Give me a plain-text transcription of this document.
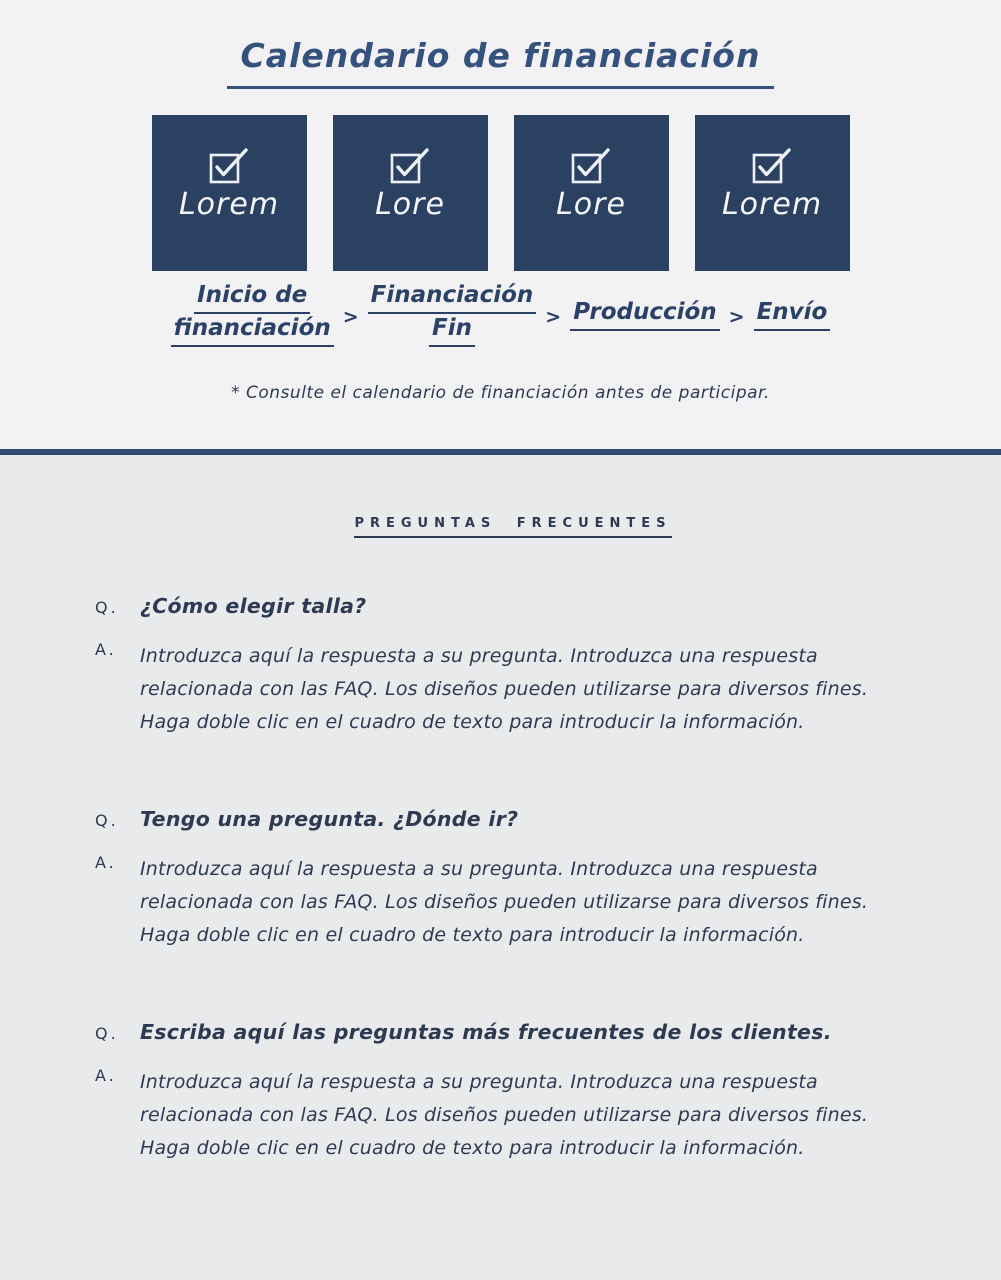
Calendario de financiación
Lorem	Lore	Lore	Lorem
Inicio de
financiación >
Financiación
Fin	> Producción > Envío

* Consulte el calendario de financiación antes de participar.

PREGUNTAS FRECUENTES
Q.	¿Cómo elegir talla?
A.	Introduzca aquí la respuesta a su pregunta. Introduzca una respuesta relacionada con las FAQ. Los diseños pueden utilizarse para diversos fines. Haga doble clic en el cuadro de texto para introducir la información.
Q.	Tengo una pregunta. ¿Dónde ir?
A.	Introduzca aquí la respuesta a su pregunta. Introduzca una respuesta relacionada con las FAQ. Los diseños pueden utilizarse para diversos fines. Haga doble clic en el cuadro de texto para introducir la información.
Q.	Escriba aquí las preguntas más frecuentes de los clientes.
A.	Introduzca aquí la respuesta a su pregunta. Introduzca una respuesta relacionada con las FAQ. Los diseños pueden utilizarse para diversos fines. Haga doble clic en el cuadro de texto para introducir la información.
